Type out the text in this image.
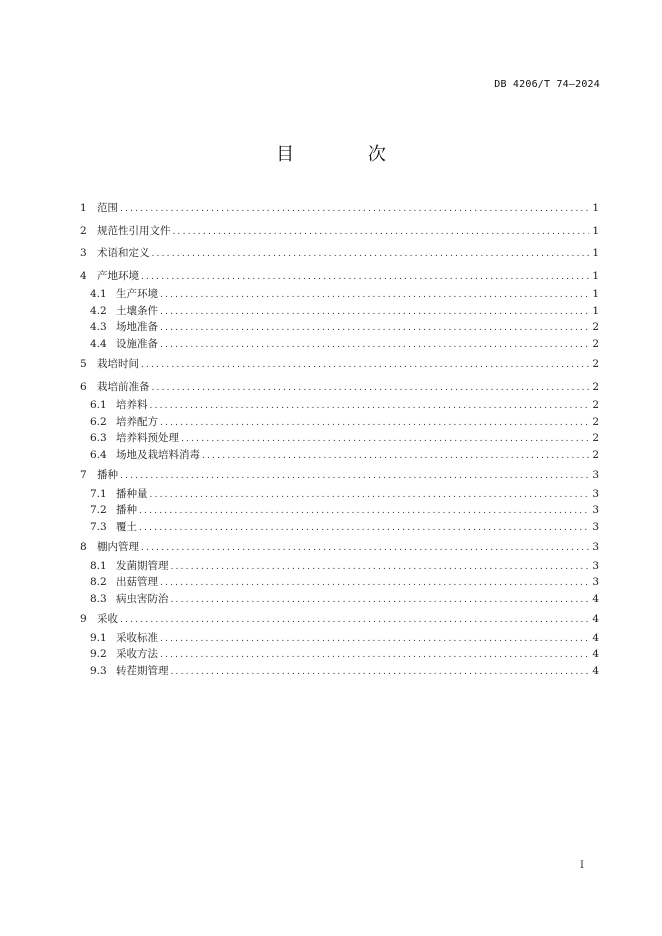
DB 4206/T 74—2024
目 次
1 范围 .....	1
2 规范性引用文件 .....	1
3 术语和定义 .....	1
4 产地环境 .....	1
4.1 生产环境 .....	1
4.2 土壤条件 .....	1
4.3 场地准备 .....	2
4.4 设施准备 .....	2
5 栽培时间 .....	2
6 栽培前准备 .....	2
6.1 培养料 .....	2
6.2 培养配方 .....	2
6.3 培养料预处理 .....	2
6.4 场地及栽培料消毒 .....	2
7 播种 .....	3
7.1 播种量 .....	3
7.2 播种 .....	3
7.3 覆土 .....	3
8 棚内管理 .....	3
8.1 发菌期管理 .....	3
8.2 出菇管理 .....	3
8.3 病虫害防治 .....	4
9 采收 .....	4
9.1 采收标准 .....	4
9.2 采收方法 .....	4
9.3 转茬期管理 .....	4
I
